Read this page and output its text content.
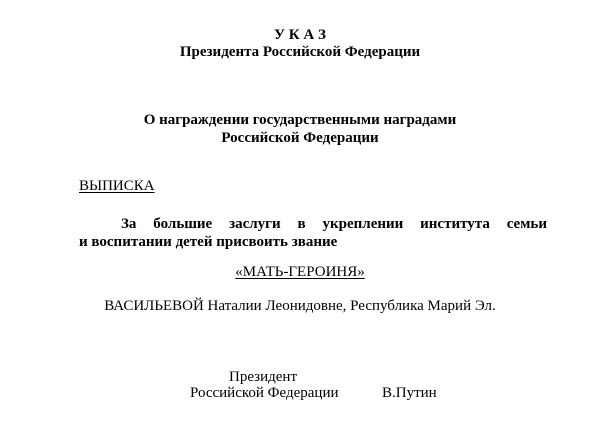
У К А З
Президента Российской Федерации
О награждении государственными наградами
Российской Федерации
ВЫПИСКА
За большие заслуги в укреплении института семьи
и воспитании детей присвоить звание
«МАТЬ-ГЕРОИНЯ»
ВАСИЛЬЕВОЙ Наталии Леонидовне, Республика Марий Эл.
Президент
Российской Федерации	В.Путин
